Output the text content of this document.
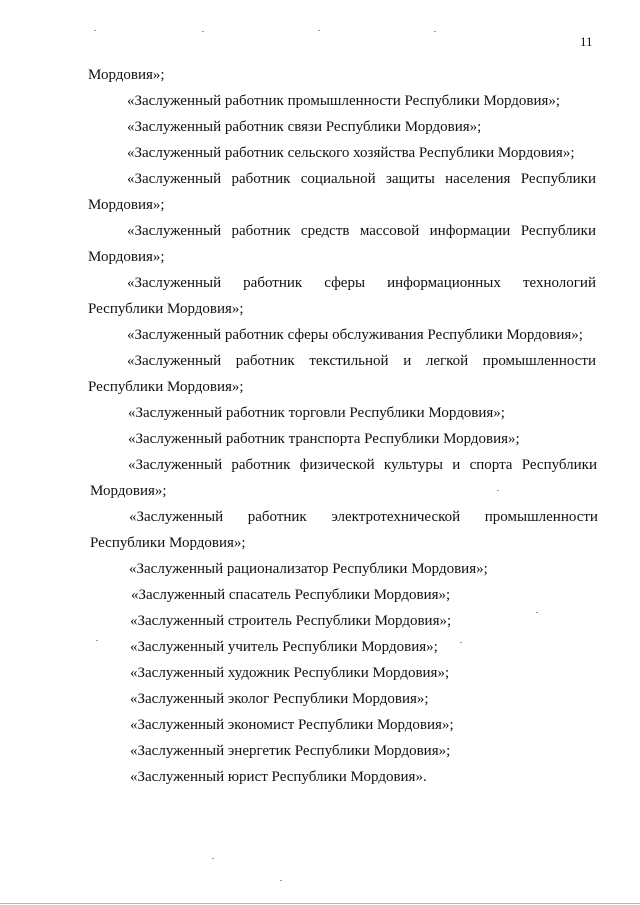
11
Мордовия»;
«Заслуженный работник промышленности Республики Мордовия»;
«Заслуженный работник связи Республики Мордовия»;
«Заслуженный работник сельского хозяйства Республики Мордовия»;
«Заслуженный работник социальной защиты населения Республики
Мордовия»;
«Заслуженный работник средств массовой информации Республики
Мордовия»;
«Заслуженный работник сферы информационных технологий
Республики Мордовия»;
«Заслуженный работник сферы обслуживания Республики Мордовия»;
«Заслуженный работник текстильной и легкой промышленности
Республики Мордовия»;
«Заслуженный работник торговли Республики Мордовия»;
«Заслуженный работник транспорта Республики Мордовия»;
«Заслуженный работник физической культуры и спорта Республики
Мордовия»;
«Заслуженный работник электротехнической промышленности
Республики Мордовия»;
«Заслуженный рационализатор Республики Мордовия»;
«Заслуженный спасатель Республики Мордовия»;
«Заслуженный строитель Республики Мордовия»;
«Заслуженный учитель Республики Мордовия»;
«Заслуженный художник Республики Мордовия»;
«Заслуженный эколог Республики Мордовия»;
«Заслуженный экономист Республики Мордовия»;
«Заслуженный энергетик Республики Мордовия»;
«Заслуженный юрист Республики Мордовия».
